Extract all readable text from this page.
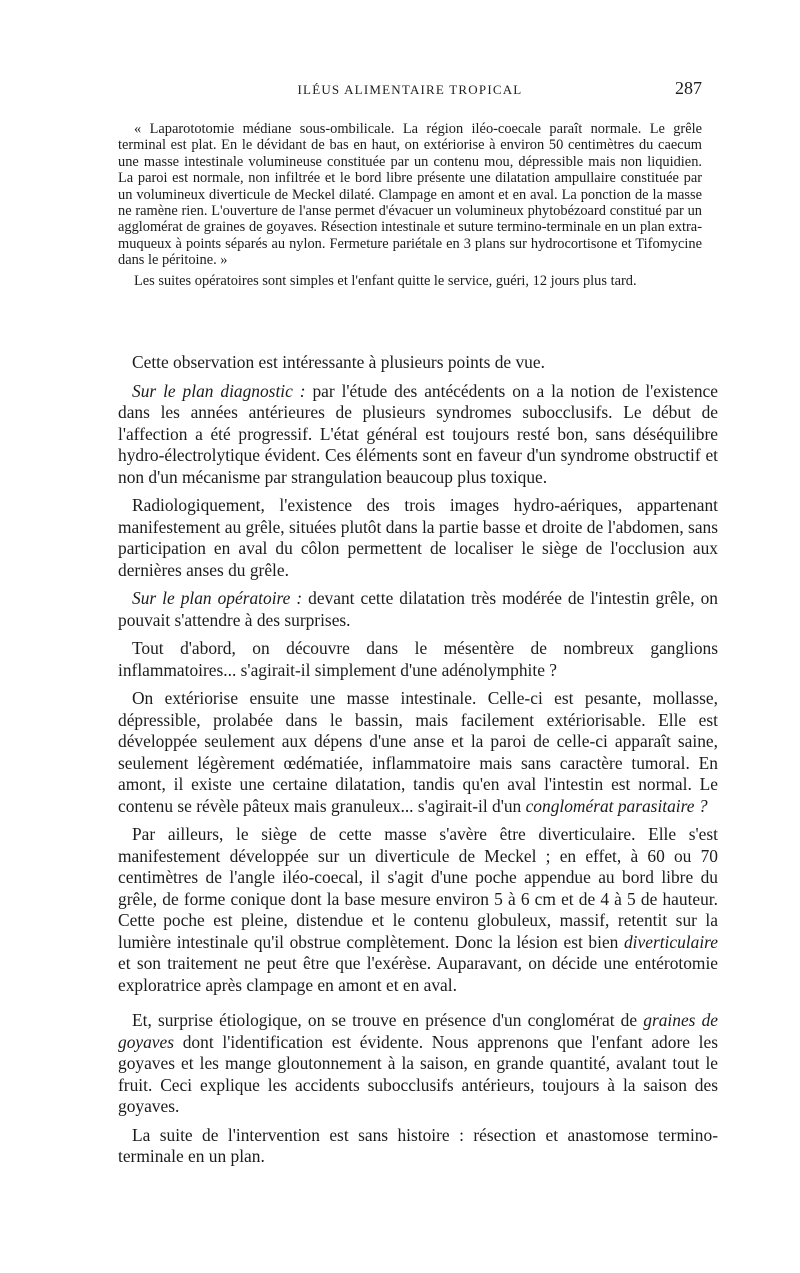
ILÉUS ALIMENTAIRE TROPICAL	287

« Laparototomie médiane sous-ombilicale. La région iléo-coecale paraît normale. Le grêle terminal est plat. En le dévidant de bas en haut, on extériorise à environ 50 centimètres du caecum une masse intestinale volumineuse constituée par un contenu mou, dépressible mais non liquidien. La paroi est normale, non infiltrée et le bord libre présente une dilatation ampullaire constituée par un volumineux diverticule de Meckel dilaté. Clampage en amont et en aval. La ponction de la masse ne ramène rien. L'ouverture de l'anse permet d'évacuer un volumineux phytobézoard constitué par un agglomérat de graines de goyaves. Résection intestinale et suture termino-terminale en un plan extra-muqueux à points séparés au nylon. Fermeture pariétale en 3 plans sur hydrocortisone et Tifomycine dans le péritoine. »

Les suites opératoires sont simples et l'enfant quitte le service, guéri, 12 jours plus tard.

Cette observation est intéressante à plusieurs points de vue.

Sur le plan diagnostic : par l'étude des antécédents on a la notion de l'existence dans les années antérieures de plusieurs syndromes subocclusifs. Le début de l'affection a été progressif. L'état général est toujours resté bon, sans déséquilibre hydro-électrolytique évident. Ces éléments sont en faveur d'un syndrome obstructif et non d'un mécanisme par strangulation beaucoup plus toxique.

Radiologiquement, l'existence des trois images hydro-aériques, appartenant manifestement au grêle, situées plutôt dans la partie basse et droite de l'abdomen, sans participation en aval du côlon permettent de localiser le siège de l'occlusion aux dernières anses du grêle.

Sur le plan opératoire : devant cette dilatation très modérée de l'intestin grêle, on pouvait s'attendre à des surprises.

Tout d'abord, on découvre dans le mésentère de nombreux ganglions inflammatoires... s'agirait-il simplement d'une adénolymphite ?

On extériorise ensuite une masse intestinale. Celle-ci est pesante, mollasse, dépressible, prolabée dans le bassin, mais facilement extériorisable. Elle est développée seulement aux dépens d'une anse et la paroi de celle-ci apparaît saine, seulement légèrement œdématiée, inflammatoire mais sans caractère tumoral. En amont, il existe une certaine dilatation, tandis qu'en aval l'intestin est normal. Le contenu se révèle pâteux mais granuleux... s'agirait-il d'un conglomérat parasitaire ?

Par ailleurs, le siège de cette masse s'avère être diverticulaire. Elle s'est manifestement développée sur un diverticule de Meckel ; en effet, à 60 ou 70 centimètres de l'angle iléo-coecal, il s'agit d'une poche appendue au bord libre du grêle, de forme conique dont la base mesure environ 5 à 6 cm et de 4 à 5 de hauteur. Cette poche est pleine, distendue et le contenu globuleux, massif, retentit sur la lumière intestinale qu'il obstrue complètement. Donc la lésion est bien diverticulaire et son traitement ne peut être que l'exérèse. Auparavant, on décide une entérotomie exploratrice après clampage en amont et en aval.

Et, surprise étiologique, on se trouve en présence d'un conglomérat de graines de goyaves dont l'identification est évidente. Nous apprenons que l'enfant adore les goyaves et les mange gloutonnement à la saison, en grande quantité, avalant tout le fruit. Ceci explique les accidents subocclusifs antérieurs, toujours à la saison des goyaves.

La suite de l'intervention est sans histoire : résection et anastomose termino-terminale en un plan.
